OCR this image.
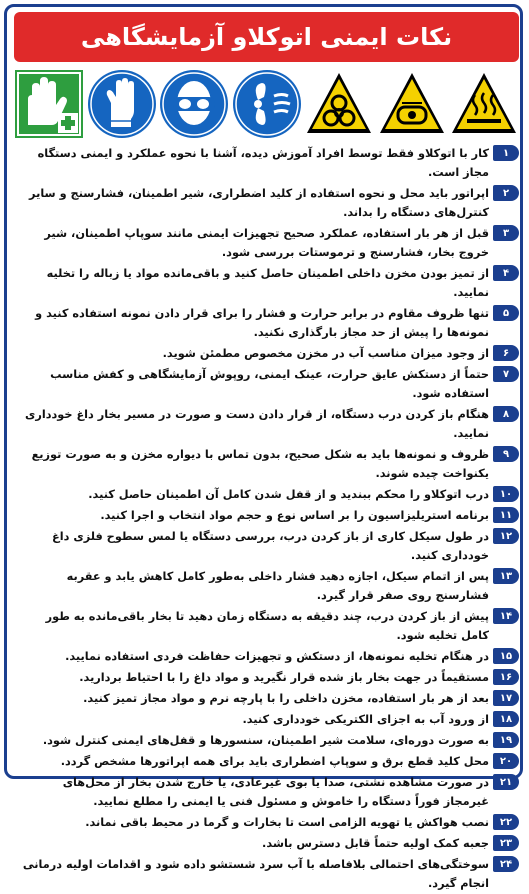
نکات ایمنی اتوکلاو آزمایشگاهی
۱
کار با اتوکلاو فقط توسط افراد آموزش دیده، آشنا با نحوه عملکرد و ایمنی دستگاه مجاز است.
۲
اپراتور باید محل و نحوه استفاده از کلید اضطراری، شیر اطمینان، فشارسنج و سایر کنترل‌های دستگاه را بداند.
۳
قبل از هر بار استفاده، عملکرد صحیح تجهیزات ایمنی مانند سوپاپ اطمینان، شیر خروج بخار، فشارسنج و ترموستات بررسی شود.
۴
از تمیز بودن مخزن داخلی اطمینان حاصل کنید و باقی‌مانده مواد یا زباله را تخلیه نمایید.
۵
تنها ظروف مقاوم در برابر حرارت و فشار را برای قرار دادن نمونه استفاده کنید و نمونه‌ها را پیش از حد مجاز بارگذاری نکنید.
۶
از وجود میزان مناسب آب در مخزن مخصوص مطمئن شوید.
۷
حتماً از دستکش عایق حرارت، عینک ایمنی، روپوش آزمایشگاهی و کفش مناسب استفاده شود.
۸
هنگام باز کردن درب دستگاه، از قرار دادن دست و صورت در مسیر بخار داغ خودداری نمایید.
۹
ظروف و نمونه‌ها باید به شکل صحیح، بدون تماس با دیواره مخزن و به صورت توزیع یکنواخت چیده شوند.
۱۰
درب اتوکلاو را محکم ببندید و از قفل شدن کامل آن اطمینان حاصل کنید.
۱۱
برنامه استریلیزاسیون را بر اساس نوع و حجم مواد انتخاب و اجرا کنید.
۱۲
در طول سیکل کاری از باز کردن درب، بررسی دستگاه یا لمس سطوح فلزی داغ خودداری کنید.
۱۳
پس از اتمام سیکل، اجازه دهید فشار داخلی به‌طور کامل کاهش یابد و عقربه فشارسنج روی صفر قرار گیرد.
۱۴
پیش از باز کردن درب، چند دقیقه به دستگاه زمان دهید تا بخار باقی‌مانده به طور کامل تخلیه شود.
۱۵
در هنگام تخلیه نمونه‌ها، از دستکش و تجهیزات حفاظت فردی استفاده نمایید.
۱۶
مستقیماً در جهت بخار باز شده قرار نگیرید و مواد داغ را با احتیاط بردارید.
۱۷
بعد از هر بار استفاده، مخزن داخلی را با پارچه نرم و مواد مجاز تمیز کنید.
۱۸
از ورود آب به اجزای الکتریکی خودداری کنید.
۱۹
به صورت دوره‌ای، سلامت شیر اطمینان، سنسورها و قفل‌های ایمنی کنترل شود.
۲۰
محل کلید قطع برق و سوپاپ اضطراری باید برای همه اپراتورها مشخص گردد.
۲۱
در صورت مشاهده نشتی، صدا یا بوی غیرعادی، یا خارج شدن بخار از محل‌های غیرمجاز فوراً دستگاه را خاموش و مسئول فنی یا ایمنی را مطلع نمایید.
۲۲
نصب هواکش یا تهویه الزامی است تا بخارات و گرما در محیط باقی نماند.
۲۳
جعبه کمک اولیه حتماً قابل دسترس باشد.
۲۴
سوختگی‌های احتمالی بلافاصله با آب سرد شستشو داده شود و اقدامات اولیه درمانی انجام گیرد.
